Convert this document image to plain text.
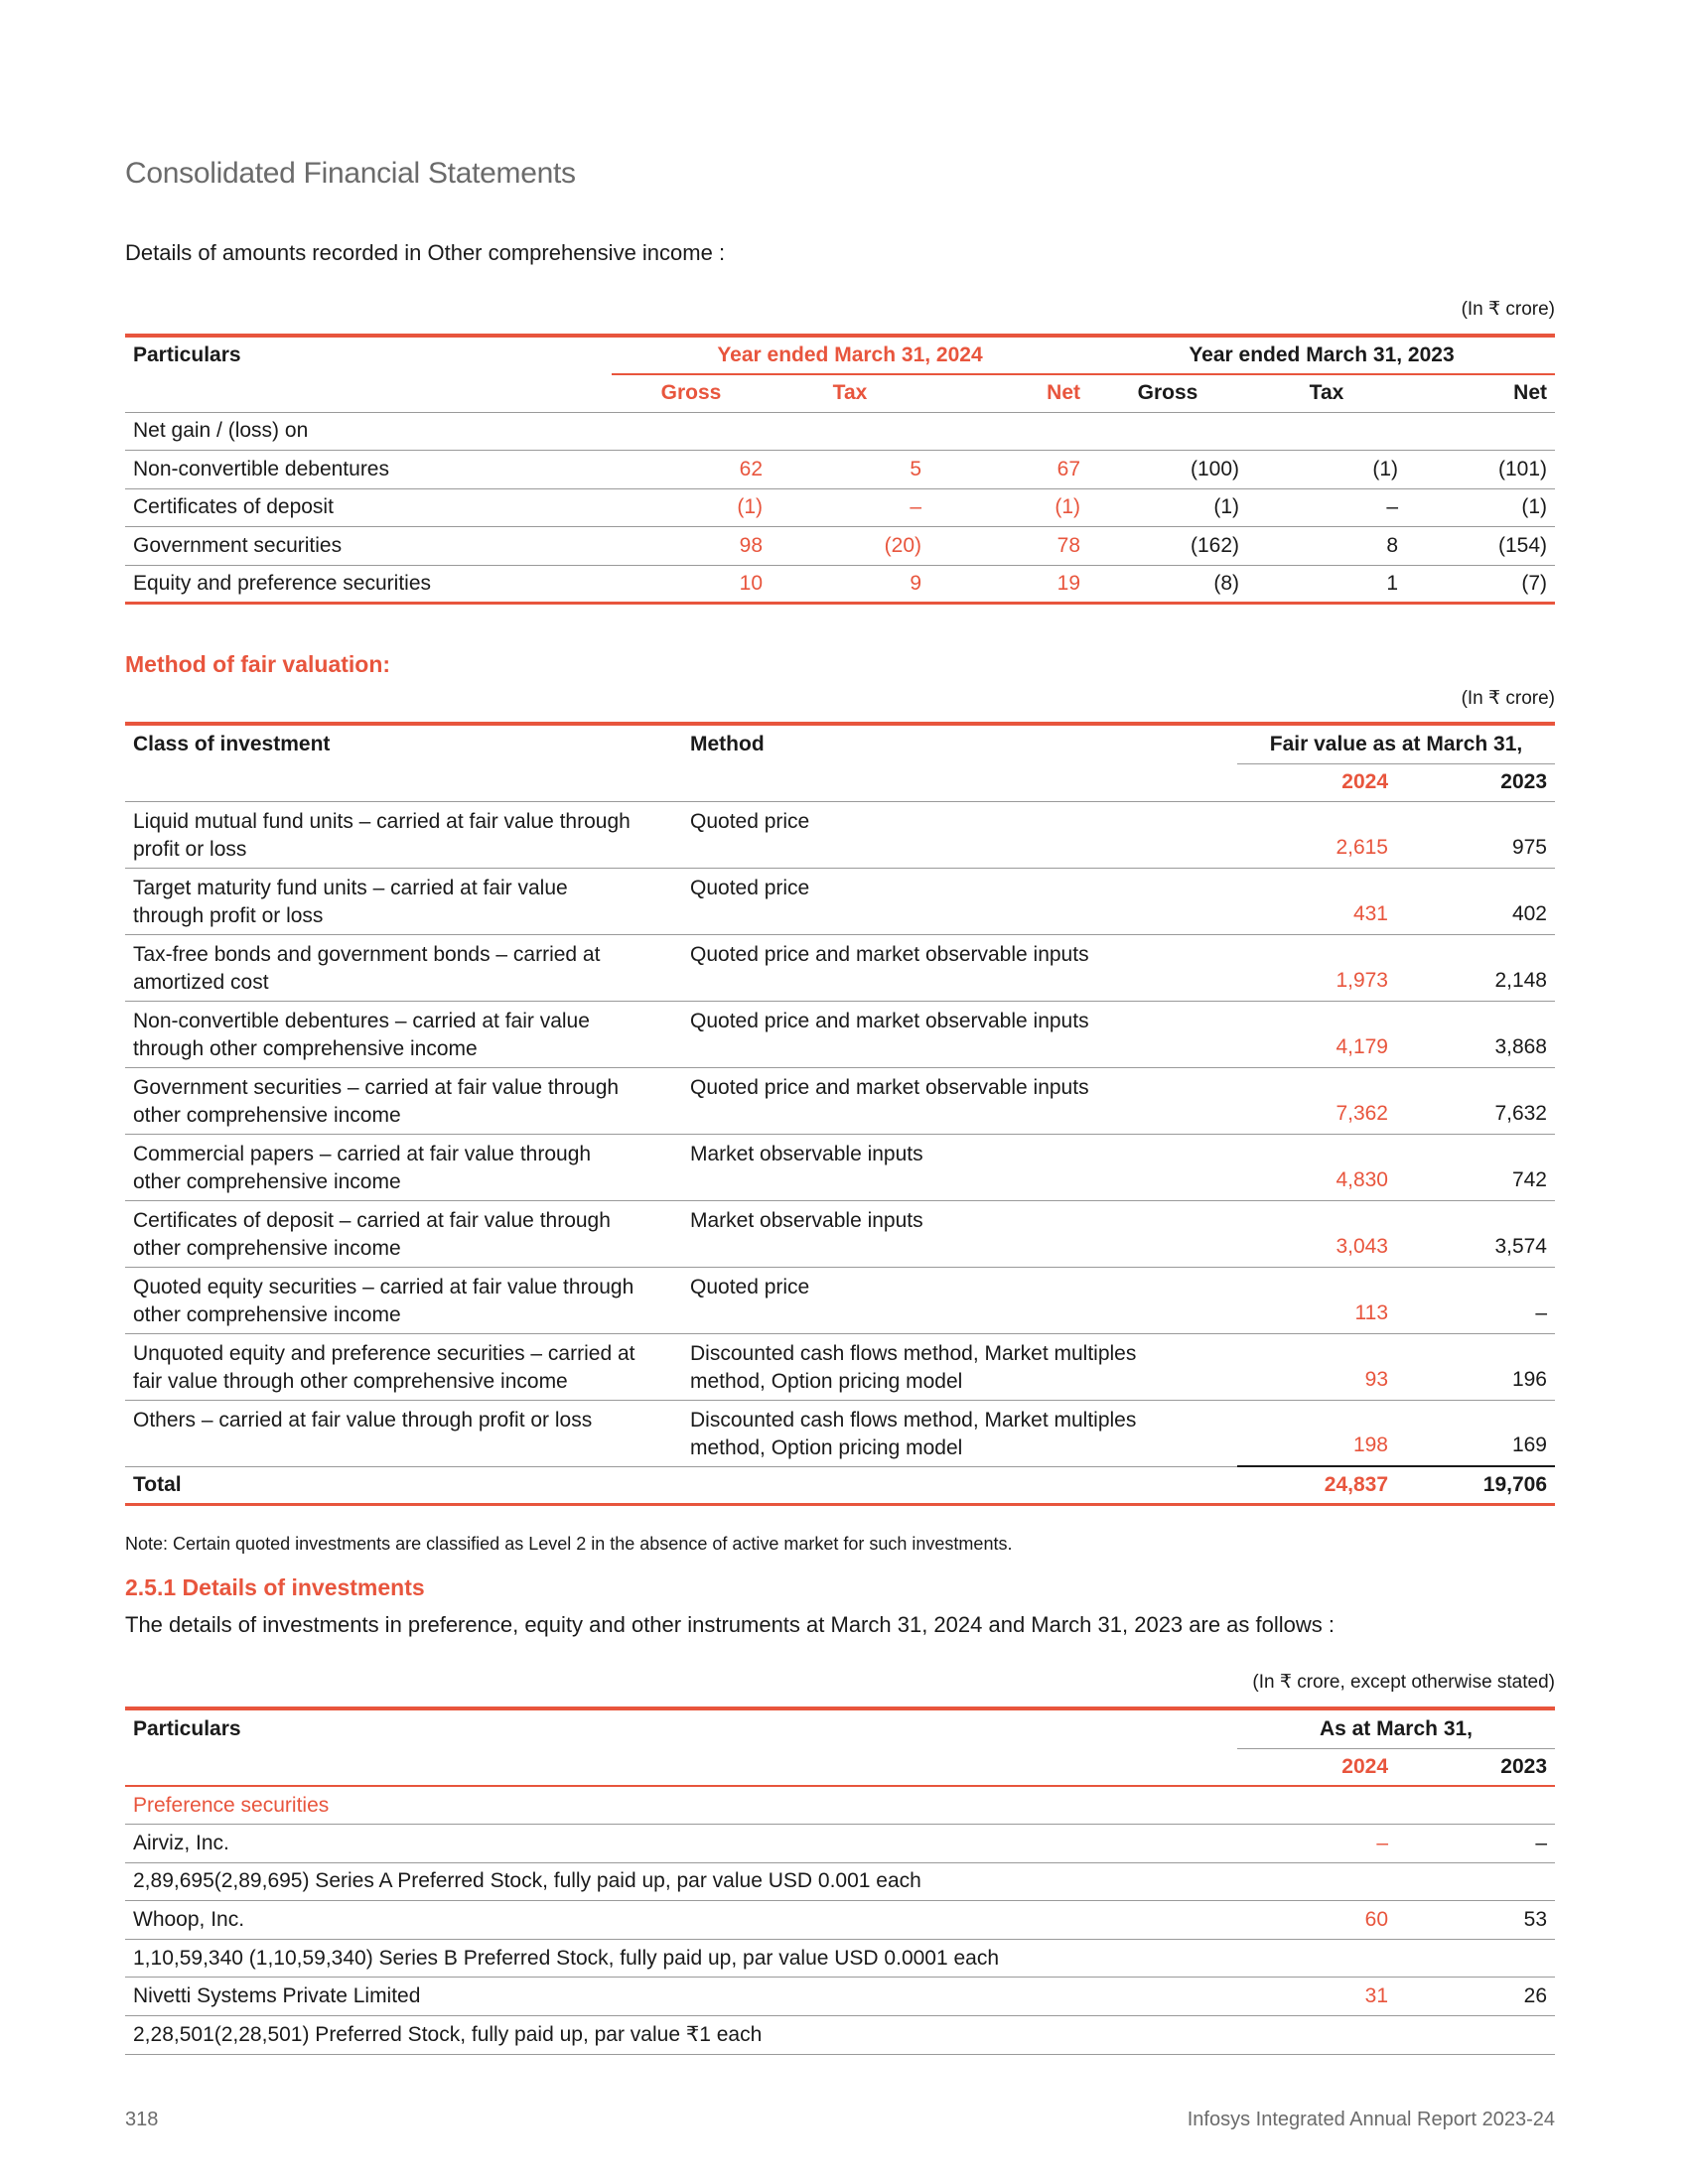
Consolidated Financial Statements
Details of amounts recorded in Other comprehensive income :
(In ₹ crore)
Particulars	Year ended March 31, 2024			Year ended March 31, 2023		
	Gross	Tax	Net	Gross	Tax	Net
Net gain / (loss) on						
Non-convertible debentures	62	5	67	(100)	(1)	(101)
Certificates of deposit	(1)	–	(1)	(1)	–	(1)
Government securities	98	(20)	78	(162)	8	(154)
Equity and preference securities	10	9	19	(8)	1	(7)
Method of fair valuation:
(In ₹ crore)
Class of investment	Method	Fair value as at March 31,	
		2024	2023
Liquid mutual fund units – carried at fair value through
profit or loss	Quoted price	2,615	975
Target maturity fund units – carried at fair value
through profit or loss	Quoted price	431	402
Tax-free bonds and government bonds – carried at
amortized cost	Quoted price and market observable inputs	1,973	2,148
Non-convertible debentures – carried at fair value
through other comprehensive income	Quoted price and market observable inputs	4,179	3,868
Government securities – carried at fair value through
other comprehensive income	Quoted price and market observable inputs	7,362	7,632
Commercial papers – carried at fair value through
other comprehensive income	Market observable inputs	4,830	742
Certificates of deposit – carried at fair value through
other comprehensive income	Market observable inputs	3,043	3,574
Quoted equity securities – carried at fair value through
other comprehensive income	Quoted price	113	–
Unquoted equity and preference securities – carried at
fair value through other comprehensive income	Discounted cash flows method, Market multiples
method, Option pricing model	93	196
Others – carried at fair value through profit or loss	Discounted cash flows method, Market multiples
method, Option pricing model	198	169
Total		24,837	19,706
Note: Certain quoted investments are classified as Level 2 in the absence of active market for such investments.
2.5.1 Details of investments
The details of investments in preference, equity and other instruments at March 31, 2024 and March 31, 2023 are as follows :
(In ₹ crore, except otherwise stated)
Particulars	As at March 31,	
	2024	2023
Preference securities		
Airviz, Inc.	–	–
2,89,695(2,89,695) Series A Preferred Stock, fully paid up, par value USD 0.001 each		
Whoop, Inc.	60	53
1,10,59,340 (1,10,59,340) Series B Preferred Stock, fully paid up, par value USD 0.0001 each		
Nivetti Systems Private Limited	31	26
2,28,501(2,28,501) Preferred Stock, fully paid up, par value ₹1 each		
318	Infosys Integrated Annual Report 2023-24
